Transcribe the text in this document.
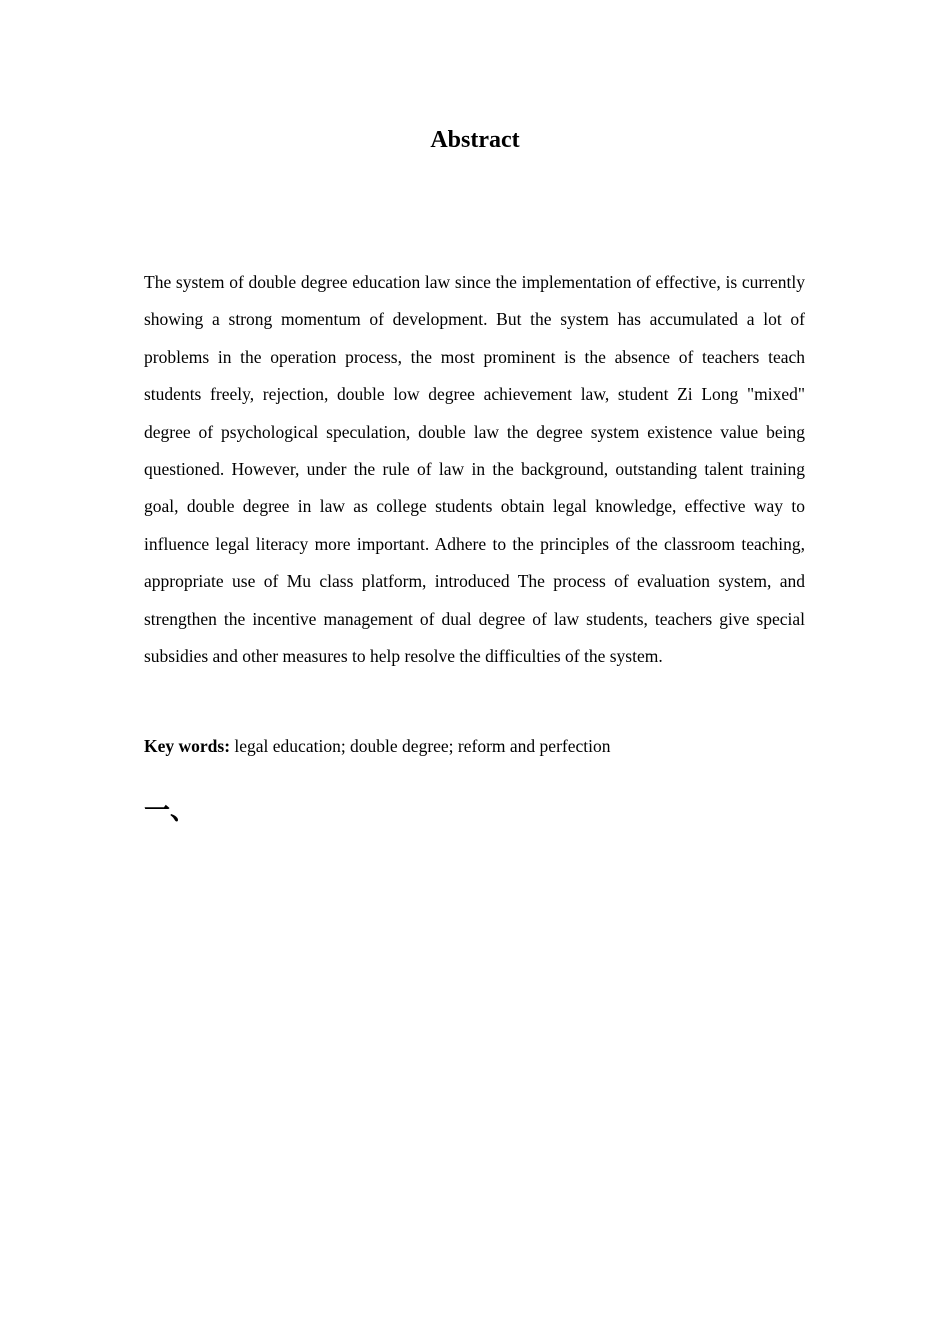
Abstract

The system of double degree education law since the implementation of effective, is currently showing a strong momentum of development. But the system has accumulated a lot of problems in the operation process, the most prominent is the absence of teachers teach students freely, rejection, double low degree achievement law, student Zi Long "mixed" degree of psychological speculation, double law the degree system existence value being questioned. However, under the rule of law in the background, outstanding talent training goal, double degree in law as college students obtain legal knowledge, effective way to influence legal literacy more important. Adhere to the principles of the classroom teaching, appropriate use of Mu class platform, introduced The process of evaluation system, and strengthen the incentive management of dual degree of law students, teachers give special subsidies and other measures to help resolve the difficulties of the system.

Key words: legal education; double degree; reform and perfection

一、
